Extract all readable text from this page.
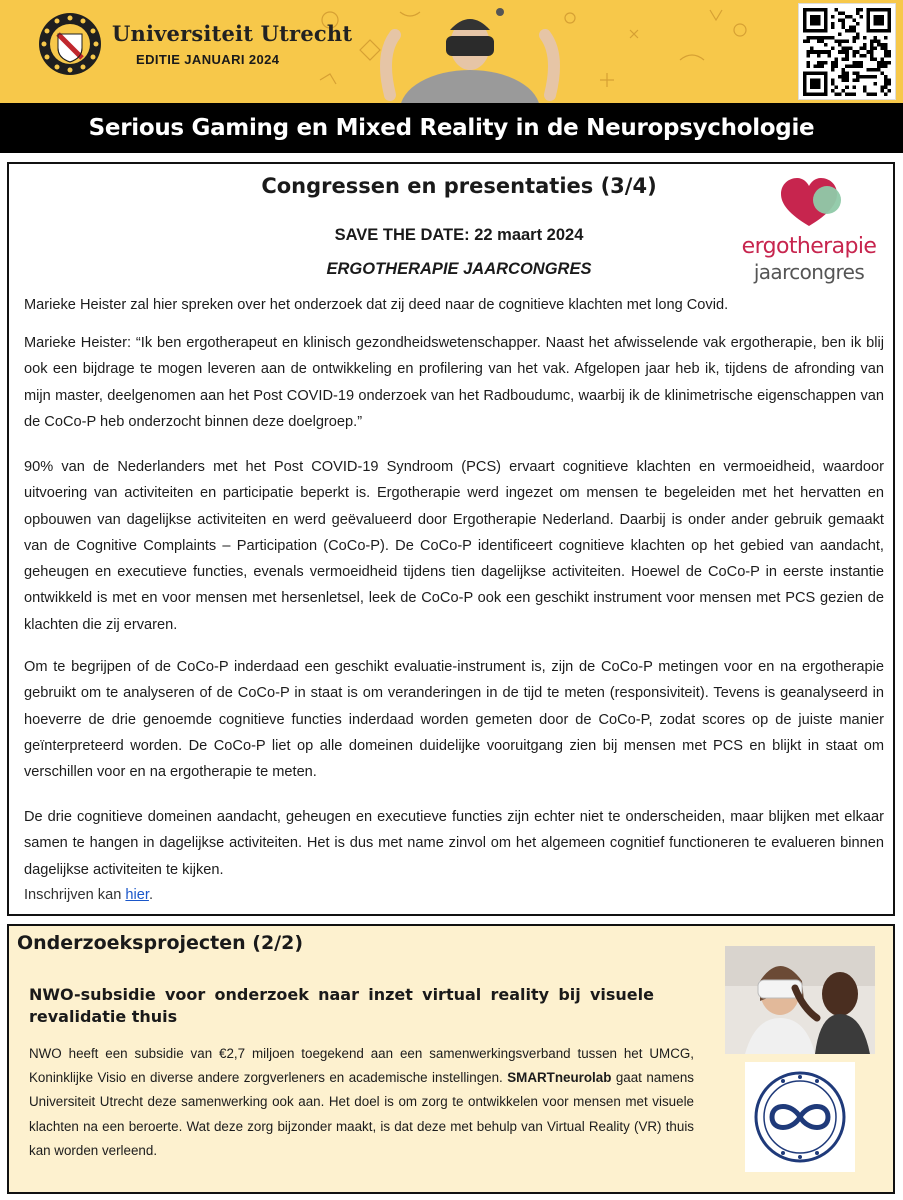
Universiteit Utrecht
EDITIE JANUARI 2024
Serious Gaming en Mixed Reality in de Neuropsychologie
Congressen en presentaties (3/4)
SAVE THE DATE: 22 maart 2024
ERGOTHERAPIE JAARCONGRES
ergotherapie
jaarcongres

Marieke Heister zal hier spreken over het onderzoek dat zij deed naar de cognitieve klachten met long Covid.

Marieke Heister: “Ik ben ergotherapeut en klinisch gezondheidswetenschapper. Naast het afwisselende vak ergotherapie, ben ik blij ook een bijdrage te mogen leveren aan de ontwikkeling en profilering van het vak. Afgelopen jaar heb ik, tijdens de afronding van mijn master, deelgenomen aan het Post COVID-19 onderzoek van het Radboudumc, waarbij ik de klinimetrische eigenschappen van de CoCo-P heb onderzocht binnen deze doelgroep.”

90% van de Nederlanders met het Post COVID-19 Syndroom (PCS) ervaart cognitieve klachten en vermoeidheid, waardoor uitvoering van activiteiten en participatie beperkt is. Ergotherapie werd ingezet om mensen te begeleiden met het hervatten en opbouwen van dagelijkse activiteiten en werd geëvalueerd door Ergotherapie Nederland. Daarbij is onder ander gebruik gemaakt van de Cognitive Complaints – Participation (CoCo-P). De CoCo-P identificeert cognitieve klachten op het gebied van aandacht, geheugen en executieve functies, evenals vermoeidheid tijdens tien dagelijkse activiteiten. Hoewel de CoCo-P in eerste instantie ontwikkeld is met en voor mensen met hersenletsel, leek de CoCo-P ook een geschikt instrument voor mensen met PCS gezien de klachten die zij ervaren.

Om te begrijpen of de CoCo-P inderdaad een geschikt evaluatie-instrument is, zijn de CoCo-P metingen voor en na ergotherapie gebruikt om te analyseren of de CoCo-P in staat is om veranderingen in de tijd te meten (responsiviteit). Tevens is geanalyseerd in hoeverre de drie genoemde cognitieve functies inderdaad worden gemeten door de CoCo-P, zodat scores op de juiste manier geïnterpreteerd worden. De CoCo-P liet op alle domeinen duidelijke vooruitgang zien bij mensen met PCS en blijkt in staat om verschillen voor en na ergotherapie te meten.

De drie cognitieve domeinen aandacht, geheugen en executieve functies zijn echter niet te onderscheiden, maar blijken met elkaar samen te hangen in dagelijkse activiteiten. Het is dus met name zinvol om het algemeen cognitief functioneren te evalueren binnen dagelijkse activiteiten te kijken.

Inschrijven kan hier.
Onderzoeksprojecten (2/2)
NWO-subsidie voor onderzoek naar inzet virtual reality bij visuele revalidatie thuis

NWO heeft een subsidie van €2,7 miljoen toegekend aan een samenwerkingsverband tussen het UMCG, Koninklijke Visio en diverse andere zorgverleners en academische instellingen. SMARTneurolab gaat namens Universiteit Utrecht deze samenwerking ook aan. Het doel is om zorg te ontwikkelen voor mensen met visuele klachten na een beroerte. Wat deze zorg bijzonder maakt, is dat deze met behulp van Virtual Reality (VR) thuis kan worden verleend.
